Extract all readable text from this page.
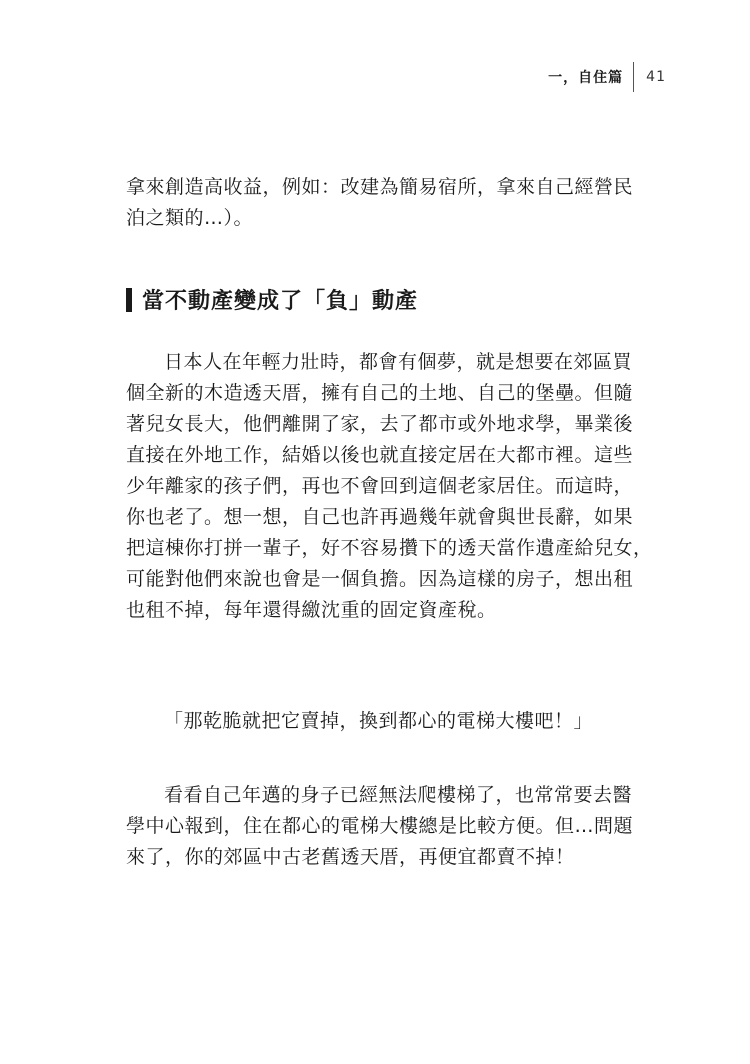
一，自住篇 41
拿來創造高收益，例如：改建為簡易宿所，拿來自己經營民
泊之類的…）。
當不動產變成了「負」動產
日本人在年輕力壯時，都會有個夢，就是想要在郊區買
個全新的木造透天厝，擁有自己的土地、自己的堡壘。但隨
著兒女長大，他們離開了家，去了都市或外地求學，畢業後
直接在外地工作，結婚以後也就直接定居在大都市裡。這些
少年離家的孩子們，再也不會回到這個老家居住。而這時，
你也老了。想一想，自己也許再過幾年就會與世長辭，如果
把這棟你打拼一輩子，好不容易攢下的透天當作遺產給兒女，
可能對他們來說也會是一個負擔。因為這樣的房子，想出租
也租不掉，每年還得繳沈重的固定資產稅。
「那乾脆就把它賣掉，換到都心的電梯大樓吧！」
看看自己年邁的身子已經無法爬樓梯了，也常常要去醫
學中心報到，住在都心的電梯大樓總是比較方便。但…問題
來了，你的郊區中古老舊透天厝，再便宜都賣不掉！
